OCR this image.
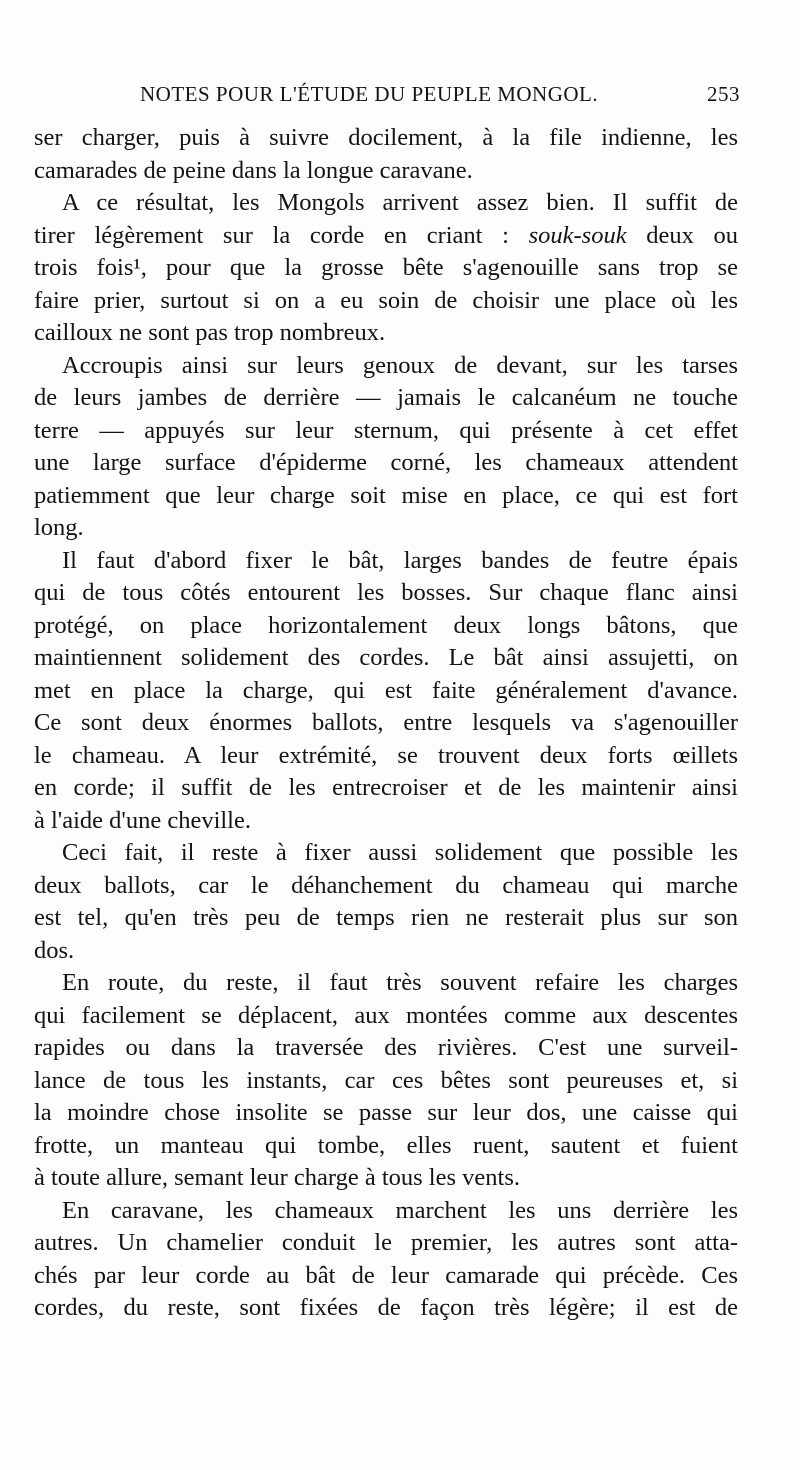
NOTES POUR L'ÉTUDE DU PEUPLE MONGOL.	253
ser charger, puis à suivre docilement, à la file indienne, les
camarades de peine dans la longue caravane.
A ce résultat, les Mongols arrivent assez bien. Il suffit de
tirer légèrement sur la corde en criant : souk-souk deux ou
trois fois¹, pour que la grosse bête s'agenouille sans trop se
faire prier, surtout si on a eu soin de choisir une place où les
cailloux ne sont pas trop nombreux.
Accroupis ainsi sur leurs genoux de devant, sur les tarses
de leurs jambes de derrière — jamais le calcanéum ne touche
terre — appuyés sur leur sternum, qui présente à cet effet
une large surface d'épiderme corné, les chameaux attendent
patiemment que leur charge soit mise en place, ce qui est fort
long.
Il faut d'abord fixer le bât, larges bandes de feutre épais
qui de tous côtés entourent les bosses. Sur chaque flanc ainsi
protégé, on place horizontalement deux longs bâtons, que
maintiennent solidement des cordes. Le bât ainsi assujetti, on
met en place la charge, qui est faite généralement d'avance.
Ce sont deux énormes ballots, entre lesquels va s'agenouiller
le chameau. A leur extrémité, se trouvent deux forts œillets
en corde; il suffit de les entrecroiser et de les maintenir ainsi
à l'aide d'une cheville.
Ceci fait, il reste à fixer aussi solidement que possible les
deux ballots, car le déhanchement du chameau qui marche
est tel, qu'en très peu de temps rien ne resterait plus sur son
dos.
En route, du reste, il faut très souvent refaire les charges
qui facilement se déplacent, aux montées comme aux descentes
rapides ou dans la traversée des rivières. C'est une surveil-
lance de tous les instants, car ces bêtes sont peureuses et, si
la moindre chose insolite se passe sur leur dos, une caisse qui
frotte, un manteau qui tombe, elles ruent, sautent et fuient
à toute allure, semant leur charge à tous les vents.
En caravane, les chameaux marchent les uns derrière les
autres. Un chamelier conduit le premier, les autres sont atta-
chés par leur corde au bât de leur camarade qui précède. Ces
cordes, du reste, sont fixées de façon très légère; il est de
